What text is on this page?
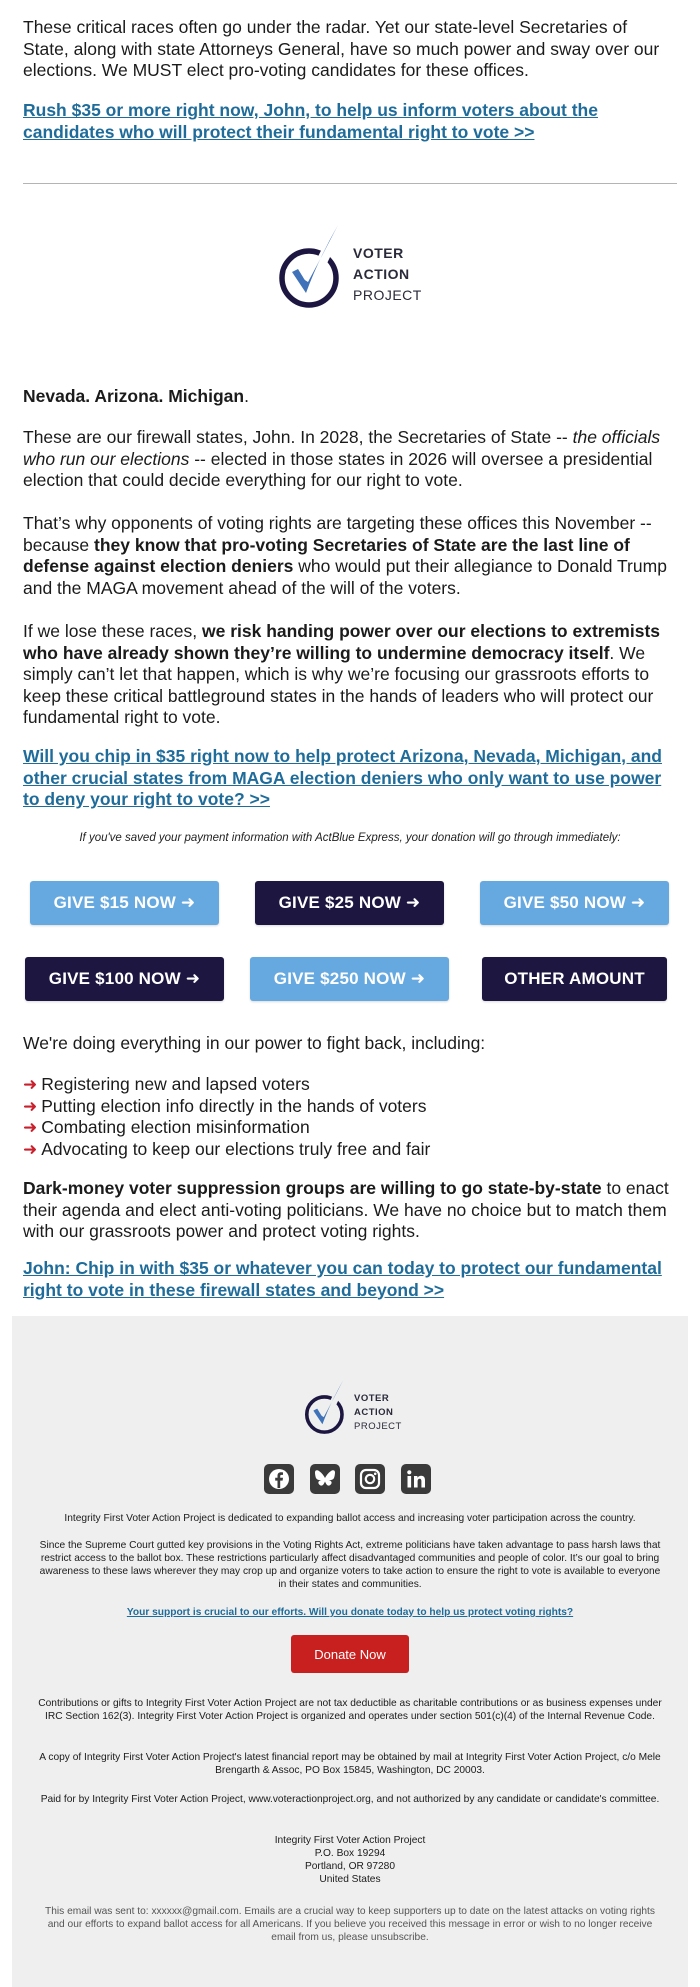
These critical races often go under the radar. Yet our state-level Secretaries of State, along with state Attorneys General, have so much power and sway over our elections. We MUST elect pro-voting candidates for these offices.

Rush $35 or more right now, John, to help us inform voters about the candidates who will protect their fundamental right to vote >>
VOTER
ACTION
PROJECT

Nevada. Arizona. Michigan.

These are our firewall states, John. In 2028, the Secretaries of State -- the officials who run our elections -- elected in those states in 2026 will oversee a presidential election that could decide everything for our right to vote.

That’s why opponents of voting rights are targeting these offices this November -- because they know that pro-voting Secretaries of State are the last line of defense against election deniers who would put their allegiance to Donald Trump and the MAGA movement ahead of the will of the voters.

If we lose these races, we risk handing power over our elections to extremists who have already shown they’re willing to undermine democracy itself. We simply can’t let that happen, which is why we’re focusing our grassroots efforts to keep these critical battleground states in the hands of leaders who will protect our fundamental right to vote.

Will you chip in $35 right now to help protect Arizona, Nevada, Michigan, and other crucial states from MAGA election deniers who only want to use power to deny your right to vote? >>
If you've saved your payment information with ActBlue Express, your donation will go through immediately:
GIVE $15 NOW ➜	GIVE $25 NOW ➜	GIVE $50 NOW ➜
GIVE $100 NOW ➜	GIVE $250 NOW ➜	OTHER AMOUNT

We're doing everything in our power to fight back, including:

➜ Registering new and lapsed voters
➜ Putting election info directly in the hands of voters
➜ Combating election misinformation
➜ Advocating to keep our elections truly free and fair

Dark-money voter suppression groups are willing to go state-by-state to enact their agenda and elect anti-voting politicians. We have no choice but to match them with our grassroots power and protect voting rights.

John: Chip in with $35 or whatever you can today to protect our fundamental right to vote in these firewall states and beyond >>
VOTER
ACTION
PROJECT
Integrity First Voter Action Project is dedicated to expanding ballot access and increasing voter participation across the country.
Since the Supreme Court gutted key provisions in the Voting Rights Act, extreme politicians have taken advantage to pass harsh laws that restrict access to the ballot box. These restrictions particularly affect disadvantaged communities and people of color. It’s our goal to bring awareness to these laws wherever they may crop up and organize voters to take action to ensure the right to vote is available to everyone in their states and communities.
Your support is crucial to our efforts. Will you donate today to help us protect voting rights?
Donate Now
Contributions or gifts to Integrity First Voter Action Project are not tax deductible as charitable contributions or as business expenses under IRC Section 162(3). Integrity First Voter Action Project is organized and operates under section 501(c)(4) of the Internal Revenue Code.
A copy of Integrity First Voter Action Project's latest financial report may be obtained by mail at Integrity First Voter Action Project, c/o Mele Brengarth & Assoc, PO Box 15845, Washington, DC 20003.
Paid for by Integrity First Voter Action Project, www.voteractionproject.org, and not authorized by any candidate or candidate's committee.
Integrity First Voter Action Project
P.O. Box 19294
Portland, OR 97280
United States
This email was sent to: xxxxxx@gmail.com. Emails are a crucial way to keep supporters up to date on the latest attacks on voting rights and our efforts to expand ballot access for all Americans. If you believe you received this message in error or wish to no longer receive email from us, please unsubscribe.
